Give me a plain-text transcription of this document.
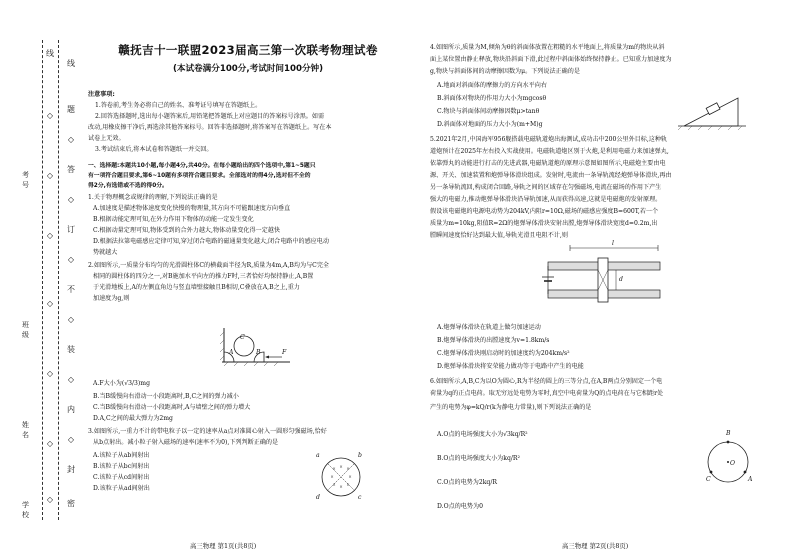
线
题
◇
答
◇
订
◇
不
◇
装
◇
内
◇
封
密
线
◇
◇
◇
◇
◇
◇
◇
考号
班级
姓名
学校
赣抚吉十一联盟2023届高三第一次联考物理试卷
(本试卷满分100分,考试时间100分钟)
注意事项:
1.答卷前,考生务必将自己的姓名、准考证号填写在答题纸上。
2.回答选择题时,选出每小题答案后,用铅笔把答题纸上对应题目的答案标号涂黑。如需
改动,用橡皮擦干净后,再选涂其他答案标号。回答非选择题时,将答案写在答题纸上。写在本
试卷上无效。
3.考试结束后,将本试卷和答题纸一并交回。
一、选择题:本题共10小题,每小题4分,共40分。在每小题给出的四个选项中,第1~5题只
有一项符合题目要求,第6~10题有多项符合题目要求。全部选对的得4分,选对但不全的
得2分,有选错或不选的得0分。
1.关于物理概念或规律的理解,下列说法正确的是
A.加速度是描述物体速度变化快慢的物理量,其方向不可能跟速度方向垂直
B.根据动能定理可知,在外力作用下物体的动能一定发生变化
C.根据动量定理可知,物体受到的合外力越大,物体动量变化得一定越快
D.根据法拉第电磁感应定律可知,穿过闭合电路的磁通量变化越大,闭合电路中的感应电动
势就越大
2.如图所示,一质量分布均匀的光滑圆柱体C的横截面半径为R,质量为4m,A,B均为与C完全
相同的圆柱体的四分之一,对B施加水平向左的推力F时,三者恰好均保持静止,A,B置
于光滑地板上,A的左侧直角边与竖直墙壁接触且B相切,C叠放在A,B之上,重力
加速度为g,则
C
A	B	F
A.F大小为(√3/3)mg
B.当B缓慢向右滑动一小段距离时,B,C之间的弹力减小
C.当B缓慢向右滑动一小段距离时,A与墙壁之间的弹力增大
D.A,C之间的最大弹力为2mg
3.如图所示,一重力不计的带电粒子以一定的速率从a点对准圆心射入一圆形匀强磁场,恰好
从b点射出。减小粒子射入磁场的速率(速率不为0),下列判断正确的是
A.该粒子从ab间射出
B.该粒子从bc间射出
C.该粒子从cd间射出
D.该粒子从ad间射出
× × ×
×	×
× × ×
a	b
c
d
高三物理 第1页(共8页)
4.如图所示,质量为M,倾角为θ的斜面体放置在粗糙的水平地面上,将质量为m的物块从斜
面上某位置由静止释放,物块沿斜面下滑,此过程中斜面体始终保持静止。已知重力加速度为
g,物块与斜面体间的动摩擦因数为μ。下列说法正确的是
A.地面对斜面体的摩擦力的方向水平向右
B.斜面体对物块的作用力大小为mgcosθ
C.物块与斜面体间动摩擦因数μ>tanθ
D.斜面体对地面的压力大小为(m+M)g
5.2021年2月,中国海军956舰搭载电磁轨道炮出海测试,成功击中200公里外目标,这种轨
道炮预计在2025年左右投入实战使用。电磁轨道炮区别于火炮,是利用电磁力来加速弹丸,
依靠弹丸的动能进行打击的先进武器,电磁轨道炮的原理示意图如图所示,电磁炮主要由电
源、开关、加速装置和炮弹导体滑块组成。发射时,电流由一条导轨流经炮弹导体滑块,再由
另一条导轨流回,构成闭合回路,导轨之间的区域存在匀强磁场,电流在磁场的作用下产生
强大的电磁力,推动炮弹导体滑块沿导轨加速,从而获得高速,这就是电磁炮的发射原理。
假设该电磁炮的电源电动势为204kV,内阻r=10Ω,磁场的磁感应强度B=600T,若一个
质量为m=10kg,阻值R=2Ω的炮弹导体滑块安射出膛,炮弹导体滑块宽度d=0.2m,出
膛瞬间速度恰好达到最大值,导轨光滑且电阻不计,则
l
d
A.炮弹导体滑块在轨道上做匀加速运动
B.炮弹导体滑块的出膛速度为v=1.8km/s
C.炮弹导体滑块刚启动时的加速度约为204km/s²
D.炮弹导体滑块将安荣能力做功等于电路中产生的电能
6.如图所示,A,B,C为以O为圆心,R为半径的圆上的三等分点,在A,B两点分别固定一个电
荷量为q的正点电荷。取无穷远处电势为零时,真空中电荷量为Q的点电荷在与它相距r处
产生的电势为φ=kQ/r(k为静电力常量),则下列说法正确的是
A.O点的电场强度大小为√3kq/R²
B.O点的电场强度大小为kq/R²
C.O点的电势为2kq/R
D.O点的电势为0
B
O
C	A
高三物理 第2页(共8页)
